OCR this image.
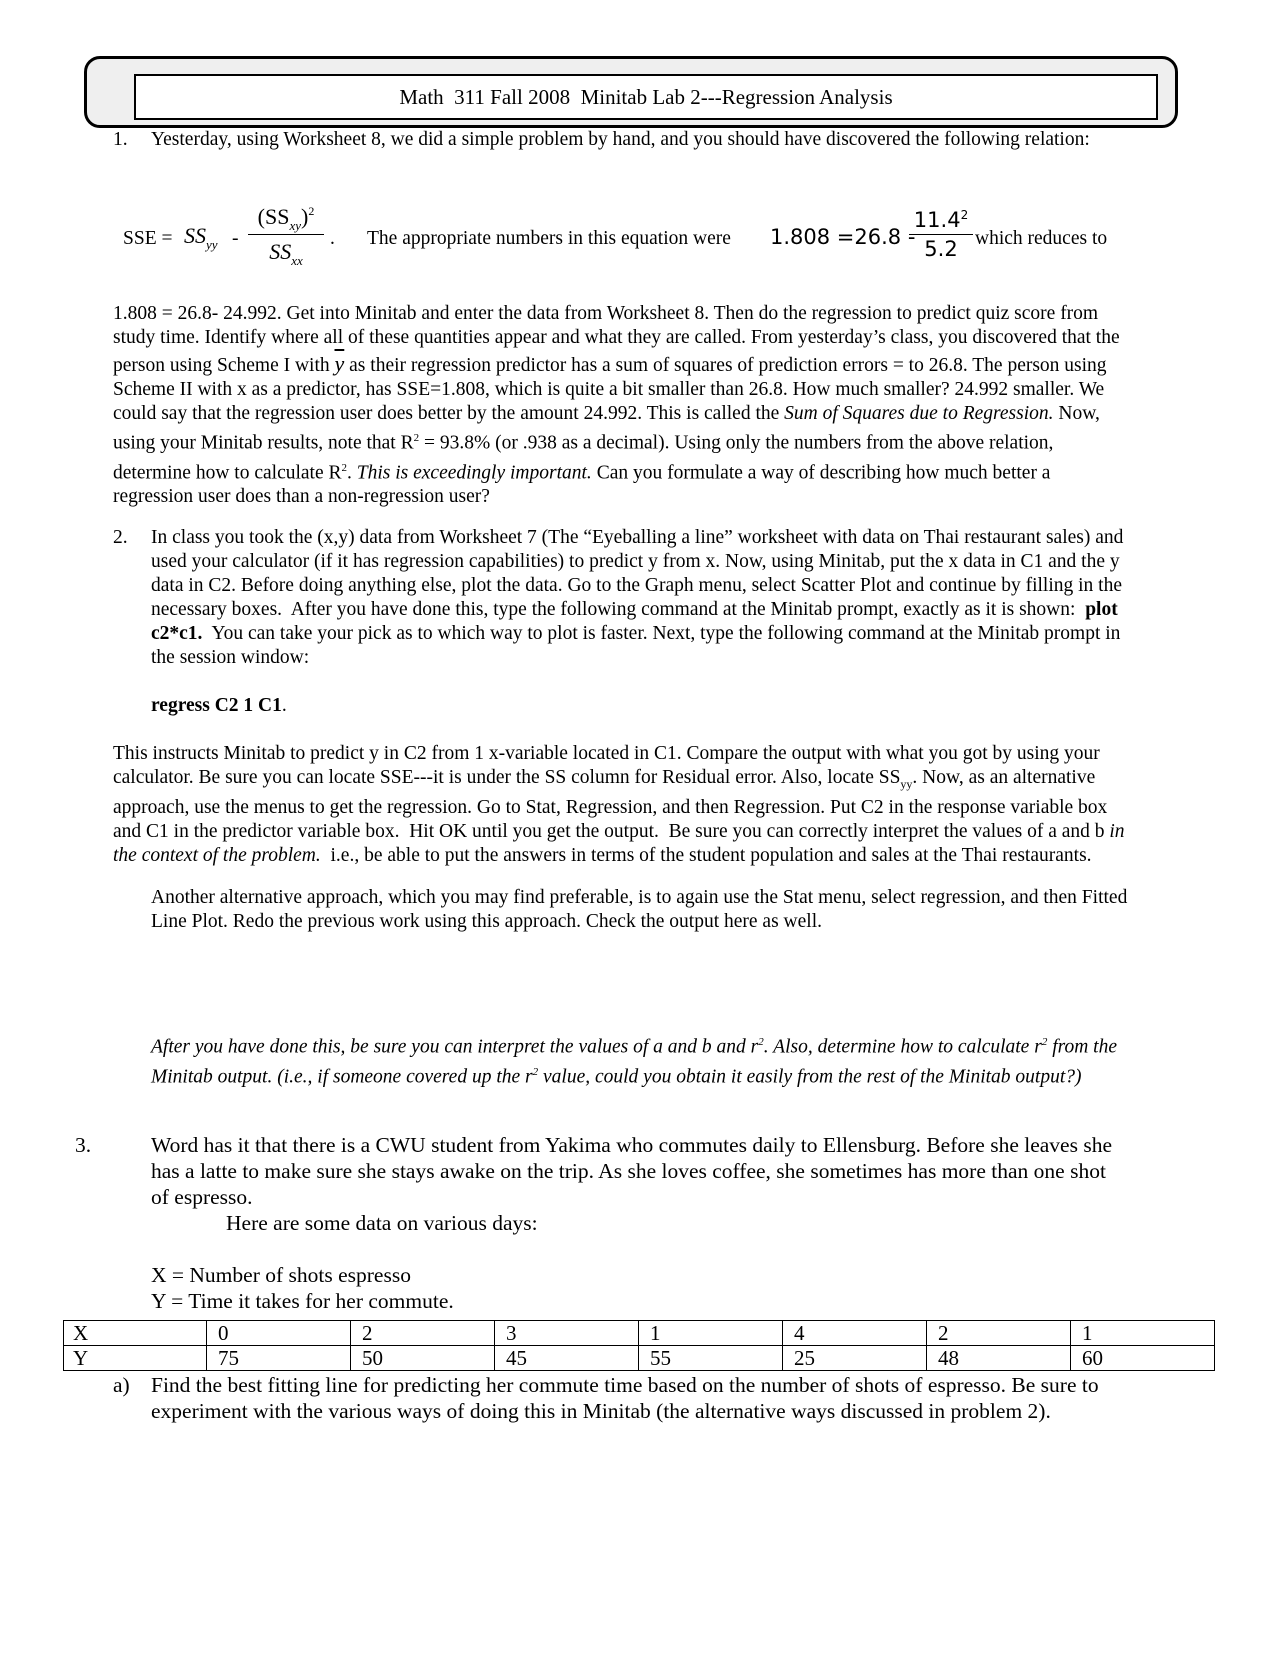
Math  311 Fall 2008  Minitab Lab 2---Regression Analysis
1. Yesterday, using Worksheet 8, we did a simple problem by hand, and you should have discovered the following relation:
SSE = $SS_{yy}$ -
$(SS_{xy})^2$
$SS_{xx}$
. The appropriate numbers in this equation were 1.808 =26.8 -
11.4$^2$
5.2 which reduces to
1.808 = 26.8- 24.992. Get into Minitab and enter the data from Worksheet 8. Then do the regression to predict quiz score from
study time. Identify where all of these quantities appear and what they are called. From yesterday’s class, you discovered that the
person using Scheme I with $\overline{y}$ as their regression predictor has a sum of squares of prediction errors = to 26.8. The person using
Scheme II with x as a predictor, has SSE=1.808, which is quite a bit smaller than 26.8. How much smaller? 24.992 smaller. We
could say that the regression user does better by the amount 24.992. This is called the Sum of Squares due to Regression. Now,
using your Minitab results, note that $R^2 = 93.8\%$ (or .938 as a decimal). Using only the numbers from the above relation,
determine how to calculate $R^2$. This is exceedingly important. Can you formulate a way of describing how much better a
regression user does than a non-regression user?
2. In class you took the (x,y) data from Worksheet 7 (The “Eyeballing a line” worksheet with data on Thai restaurant sales) and
used your calculator (if it has regression capabilities) to predict y from x. Now, using Minitab, put the x data in C1 and the y
data in C2. Before doing anything else, plot the data. Go to the Graph menu, select Scatter Plot and continue by filling in the
necessary boxes.  After you have done this, type the following command at the Minitab prompt, exactly as it is shown:  plot
c2*c1.  You can take your pick as to which way to plot is faster. Next, type the following command at the Minitab prompt in
the session window:
regress C2 1 C1.
This instructs Minitab to predict y in C2 from 1 x-variable located in C1. Compare the output with what you got by using your
calculator. Be sure you can locate SSE---it is under the SS column for Residual error. Also, locate $SS_{yy}$. Now, as an alternative
approach, use the menus to get the regression. Go to Stat, Regression, and then Regression. Put C2 in the response variable box
and C1 in the predictor variable box.  Hit OK until you get the output.  Be sure you can correctly interpret the values of a and b in
the context of the problem.  i.e., be able to put the answers in terms of the student population and sales at the Thai restaurants.
Another alternative approach, which you may find preferable, is to again use the Stat menu, select regression, and then Fitted
Line Plot. Redo the previous work using this approach. Check the output here as well.
After you have done this, be sure you can interpret the values of a and b and $r^2$. Also, determine how to calculate $r^2$ from the
Minitab output. (i.e., if someone covered up the $r^2$ value, could you obtain it easily from the rest of the Minitab output?)
3.	Word has it that there is a CWU student from Yakima who commutes daily to Ellensburg. Before she leaves she
has a latte to make sure she stays awake on the trip. As she loves coffee, she sometimes has more than one shot
of espresso.
Here are some data on various days:
X = Number of shots espresso
Y = Time it takes for her commute.
X	0	2	3	1	4	2	1
Y	75	50	45	55	25	48	60
a) Find the best fitting line for predicting her commute time based on the number of shots of espresso. Be sure to
experiment with the various ways of doing this in Minitab (the alternative ways discussed in problem 2).
